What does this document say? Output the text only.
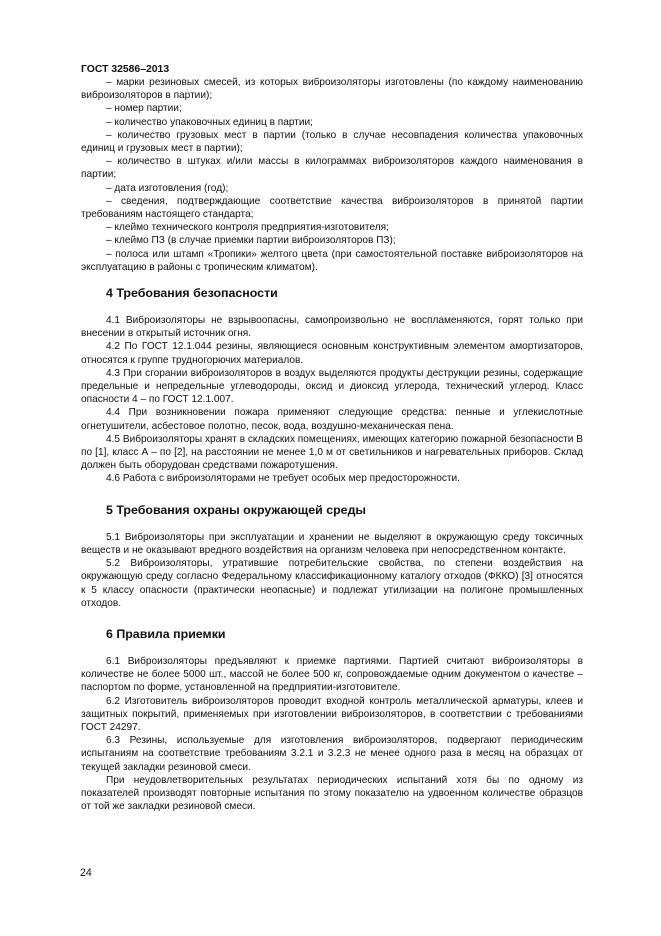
ГОСТ 32586–2013

– марки резиновых смесей, из которых виброизоляторы изготовлены (по каждому наименованию виброизоляторов в партии);

– номер партии;

– количество упаковочных единиц в партии;

– количество грузовых мест в партии (только в случае несовпадения количества упаковочных единиц и грузовых мест в партии);

– количество в штуках и/или массы в килограммах виброизоляторов каждого наименования в партии;

– дата изготовления (год);

– сведения, подтверждающие соответствие качества виброизоляторов в принятой партии требованиям настоящего стандарта;

– клеймо технического контроля предприятия-изготовителя;

– клеймо ПЗ (в случае приемки партии виброизоляторов ПЗ);

– полоса или штамп «Тропики» желтого цвета (при самостоятельной поставке виброизоляторов на эксплуатацию в районы с тропическим климатом).

4 Требования безопасности

4.1 Виброизоляторы не взрывоопасны, самопроизвольно не воспламеняются, горят только при внесении в открытый источник огня.

4.2 По ГОСТ 12.1.044 резины, являющиеся основным конструктивным элементом амортизаторов, относятся к группе трудногорючих материалов.

4.3 При сгорании виброизоляторов в воздух выделяются продукты деструкции резины, содержащие предельные и непредельные углеводороды, оксид и диоксид углерода, технический углерод. Класс опасности 4 – по ГОСТ 12.1.007.

4.4 При возникновении пожара применяют следующие средства: пенные и углекислотные огнетушители, асбестовое полотно, песок, вода, воздушно-механическая пена.

4.5 Виброизоляторы хранят в складских помещениях, имеющих категорию пожарной безопасности В по [1], класс А – по [2], на расстоянии не менее 1,0 м от светильников и нагревательных приборов. Склад должен быть оборудован средствами пожаротушения.

4.6 Работа с виброизоляторами не требует особых мер предосторожности.

5 Требования охраны окружающей среды

5.1 Виброизоляторы при эксплуатации и хранении не выделяют в окружающую среду токсичных веществ и не оказывают вредного воздействия на организм человека при непосредственном контакте.

5.2 Виброизоляторы, утратившие потребительские свойства, по степени воздействия на окружающую среду согласно Федеральному классификационному каталогу отходов (ФККО) [3] относятся к 5 классу опасности (практически неопасные) и подлежат утилизации на полигоне промышленных отходов.

6 Правила приемки

6.1 Виброизоляторы предъявляют к приемке партиями. Партией считают виброизоляторы в количестве не более 5000 шт., массой не более 500 кг, сопровождаемые одним документом о качестве – паспортом по форме, установленной на предприятии-изготовителе.

6.2 Изготовитель виброизоляторов проводит входной контроль металлической арматуры, клеев и защитных покрытий, применяемых при изготовлении виброизоляторов, в соответствии с требованиями ГОСТ 24297.

6.3 Резины, используемые для изготовления виброизоляторов, подвергают периодическим испытаниям на соответствие требованиям 3.2.1 и 3.2.3 не менее одного раза в месяц на образцах от текущей закладки резиновой смеси.

При неудовлетворительных результатах периодических испытаний хотя бы по одному из показателей производят повторные испытания по этому показателю на удвоенном количестве образцов от той же закладки резиновой смеси.

24
